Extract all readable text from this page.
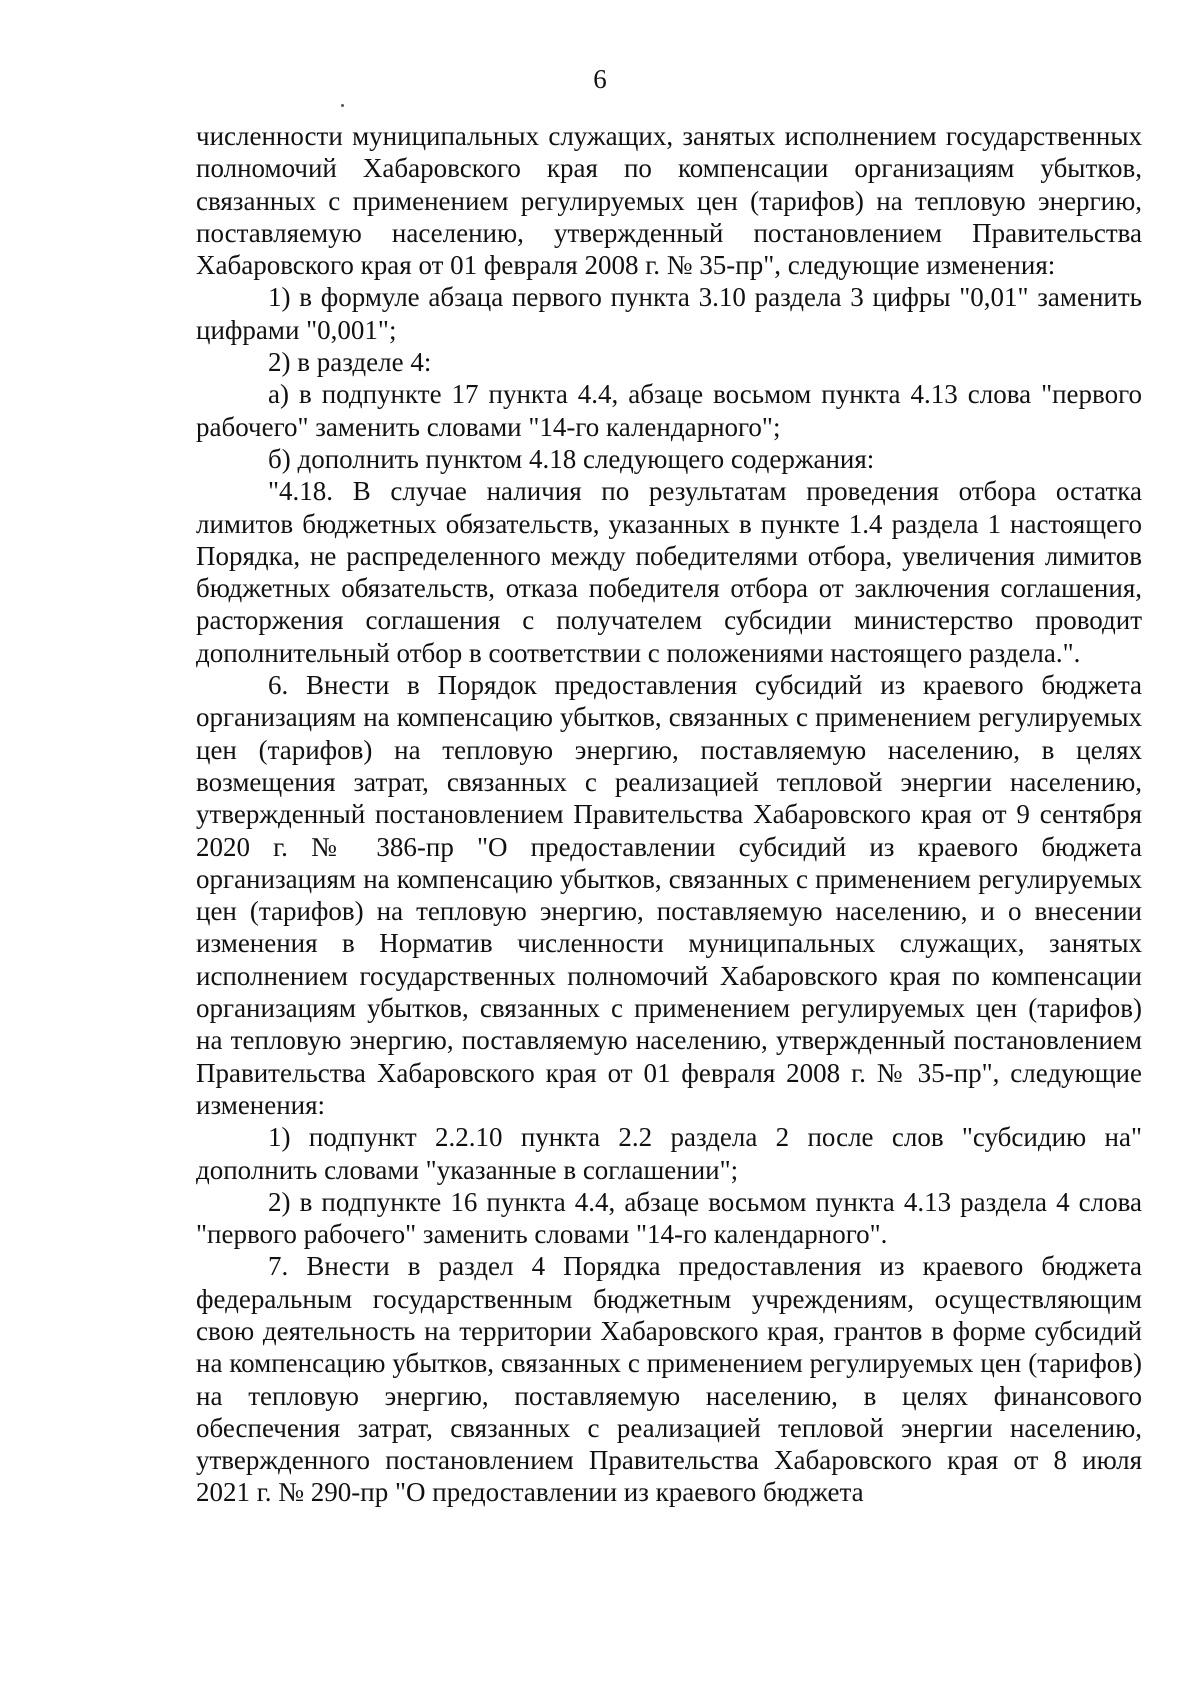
6

численности муниципальных служащих, занятых исполнением государственных полномочий Хабаровского края по компенсации организациям убытков, связанных с применением регулируемых цен (тарифов) на тепловую энергию, поставляемую населению, утвержденный постановлением Правительства Хабаровского края от 01 февраля 2008 г. № 35-пр", следующие изменения:

1) в формуле абзаца первого пункта 3.10 раздела 3 цифры "0,01" заменить цифрами "0,001";

2) в разделе 4:

а) в подпункте 17 пункта 4.4, абзаце восьмом пункта 4.13 слова "первого рабочего" заменить словами "14-го календарного";

б) дополнить пунктом 4.18 следующего содержания:

"4.18. В случае наличия по результатам проведения отбора остатка лимитов бюджетных обязательств, указанных в пункте 1.4 раздела 1 настоящего Порядка, не распределенного между победителями отбора, увеличения лимитов бюджетных обязательств, отказа победителя отбора от заключения соглашения, расторжения соглашения с получателем субсидии министерство проводит дополнительный отбор в соответствии с положениями настоящего раздела.".

6. Внести в Порядок предоставления субсидий из краевого бюджета организациям на компенсацию убытков, связанных с применением регулируемых цен (тарифов) на тепловую энергию, поставляемую населению, в целях возмещения затрат, связанных с реализацией тепловой энергии населению, утвержденный постановлением Правительства Хабаровского края от 9 сентября 2020 г. № 386-пр "О предоставлении субсидий из краевого бюджета организациям на компенсацию убытков, связанных с применением регулируемых цен (тарифов) на тепловую энергию, поставляемую населению, и о внесении изменения в Норматив численности муниципальных служащих, занятых исполнением государственных полномочий Хабаровского края по компенсации организациям убытков, связанных с применением регулируемых цен (тарифов) на тепловую энергию, поставляемую населению, утвержденный постановлением Правительства Хабаровского края от 01 февраля 2008 г. № 35-пр", следующие изменения:

1) подпункт 2.2.10 пункта 2.2 раздела 2 после слов "субсидию на" дополнить словами "указанные в соглашении";

2) в подпункте 16 пункта 4.4, абзаце восьмом пункта 4.13 раздела 4 слова "первого рабочего" заменить словами "14-го календарного".

7. Внести в раздел 4 Порядка предоставления из краевого бюджета федеральным государственным бюджетным учреждениям, осуществляющим свою деятельность на территории Хабаровского края, грантов в форме субсидий на компенсацию убытков, связанных с применением регулируемых цен (тарифов) на тепловую энергию, поставляемую населению, в целях финансового обеспечения затрат, связанных с реализацией тепловой энергии населению, утвержденного постановлением Правительства Хабаровского края от 8 июля 2021 г. № 290-пр "О предоставлении из краевого бюджета
